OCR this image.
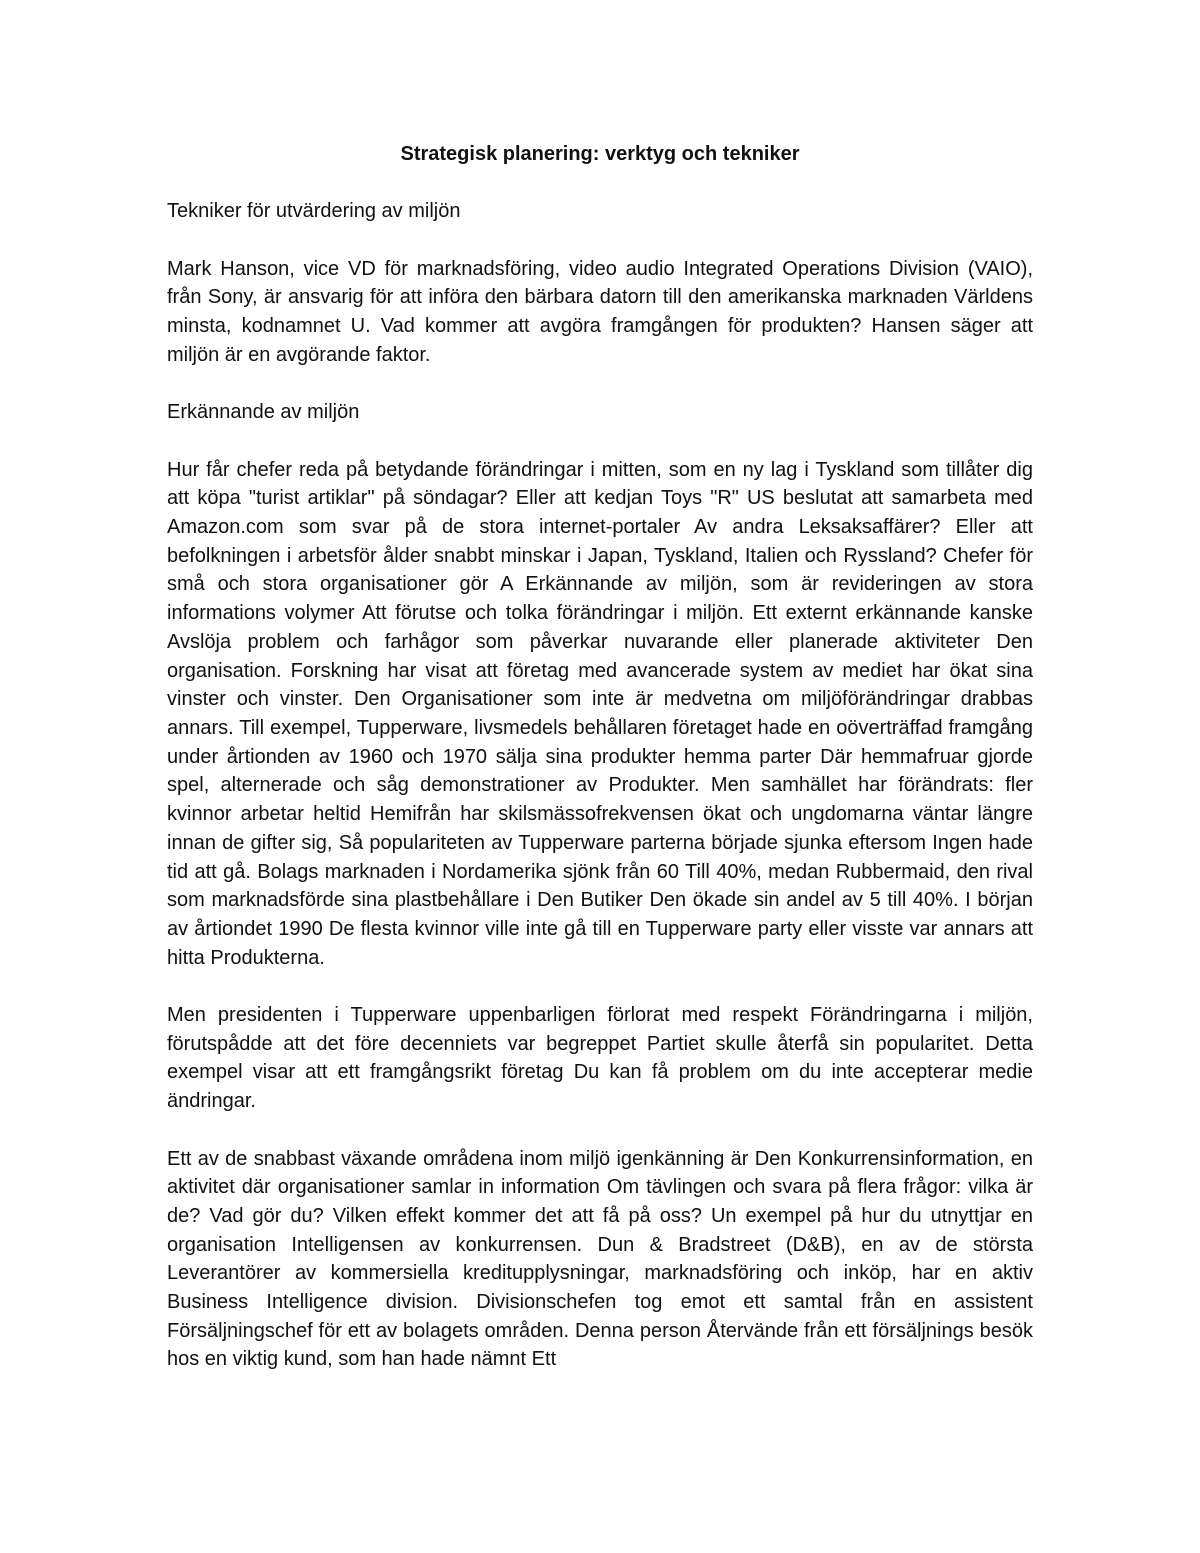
Strategisk planering: verktyg och tekniker
Tekniker för utvärdering av miljön

Mark Hanson, vice VD för marknadsföring, video audio Integrated Operations Division (VAIO), från Sony, är ansvarig för att införa den bärbara datorn till den amerikanska marknaden Världens minsta, kodnamnet U. Vad kommer att avgöra framgången för produkten? Hansen säger att miljön är en avgörande faktor.

Erkännande av miljön

Hur får chefer reda på betydande förändringar i mitten, som en ny lag i Tyskland som tillåter dig att köpa "turist artiklar" på söndagar? Eller att kedjan Toys "R" US beslutat att samarbeta med Amazon.com som svar på de stora internet-portaler Av andra Leksaksaffärer? Eller att befolkningen i arbetsför ålder snabbt minskar i Japan, Tyskland, Italien och Ryssland? Chefer för små och stora organisationer gör A Erkännande av miljön, som är revideringen av stora informations volymer Att förutse och tolka förändringar i miljön. Ett externt erkännande kanske Avslöja problem och farhågor som påverkar nuvarande eller planerade aktiviteter Den organisation. Forskning har visat att företag med avancerade system av mediet har ökat sina vinster och vinster. Den Organisationer som inte är medvetna om miljöförändringar drabbas annars. Till exempel, Tupperware, livsmedels behållaren företaget hade en oöverträffad framgång under årtionden av 1960 och 1970 sälja sina produkter hemma parter Där hemmafruar gjorde spel, alternerade och såg demonstrationer av Produkter. Men samhället har förändrats: fler kvinnor arbetar heltid Hemifrån har skilsmässofrekvensen ökat och ungdomarna väntar längre innan de gifter sig, Så populariteten av Tupperware parterna började sjunka eftersom Ingen hade tid att gå. Bolags marknaden i Nordamerika sjönk från 60 Till 40%, medan Rubbermaid, den rival som marknadsförde sina plastbehållare i Den Butiker Den ökade sin andel av 5 till 40%. I början av årtiondet 1990 De flesta kvinnor ville inte gå till en Tupperware party eller visste var annars att hitta Produkterna.

Men presidenten i Tupperware uppenbarligen förlorat med respekt Förändringarna i miljön, förutspådde att det före decenniets var begreppet Partiet skulle återfå sin popularitet. Detta exempel visar att ett framgångsrikt företag Du kan få problem om du inte accepterar medie ändringar.

Ett av de snabbast växande områdena inom miljö igenkänning är Den Konkurrensinformation, en aktivitet där organisationer samlar in information Om tävlingen och svara på flera frågor: vilka är de? Vad gör du? Vilken effekt kommer det att få på oss? Un exempel på hur du utnyttjar en organisation Intelligensen av konkurrensen. Dun & Bradstreet (D&B), en av de största Leverantörer av kommersiella kreditupplysningar, marknadsföring och inköp, har en aktiv Business Intelligence division. Divisionschefen tog emot ett samtal från en assistent Försäljningschef för ett av bolagets områden. Denna person Återvände från ett försäljnings besök hos en viktig kund, som han hade nämnt Ett
